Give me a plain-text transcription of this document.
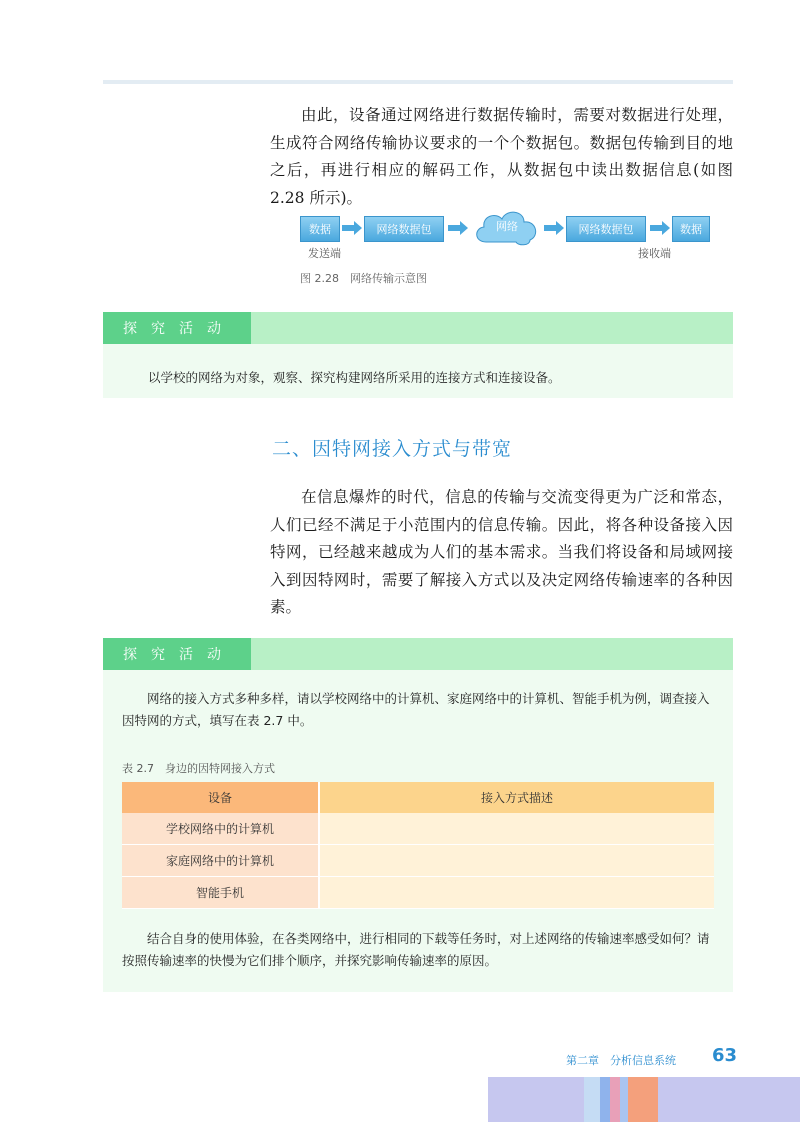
由此，设备通过网络进行数据传输时，需要对数据进行处理，生成符合网络传输协议要求的一个个数据包。数据包传输到目的地之后，再进行相应的解码工作，从数据包中读出数据信息(如图 2.28 所示)。

数据	网络数据包	网络	网络数据包	数据
发送端	接收端
图 2.28　网络传输示意图
探究活动
以学校的网络为对象，观察、探究构建网络所采用的连接方式和连接设备。
二、因特网接入方式与带宽

在信息爆炸的时代，信息的传输与交流变得更为广泛和常态，人们已经不满足于小范围内的信息传输。因此，将各种设备接入因特网，已经越来越成为人们的基本需求。当我们将设备和局域网接入到因特网时，需要了解接入方式以及决定网络传输速率的各种因素。

探究活动
网络的接入方式多种多样，请以学校网络中的计算机、家庭网络中的计算机、智能手机为例，调查接入因特网的方式，填写在表 2.7 中。
表 2.7　身边的因特网接入方式
设备	接入方式描述
学校网络中的计算机	
家庭网络中的计算机	
智能手机	
结合自身的使用体验，在各类网络中，进行相同的下载等任务时，对上述网络的传输速率感受如何？请按照传输速率的快慢为它们排个顺序，并探究影响传输速率的原因。
第二章　分析信息系统 63
